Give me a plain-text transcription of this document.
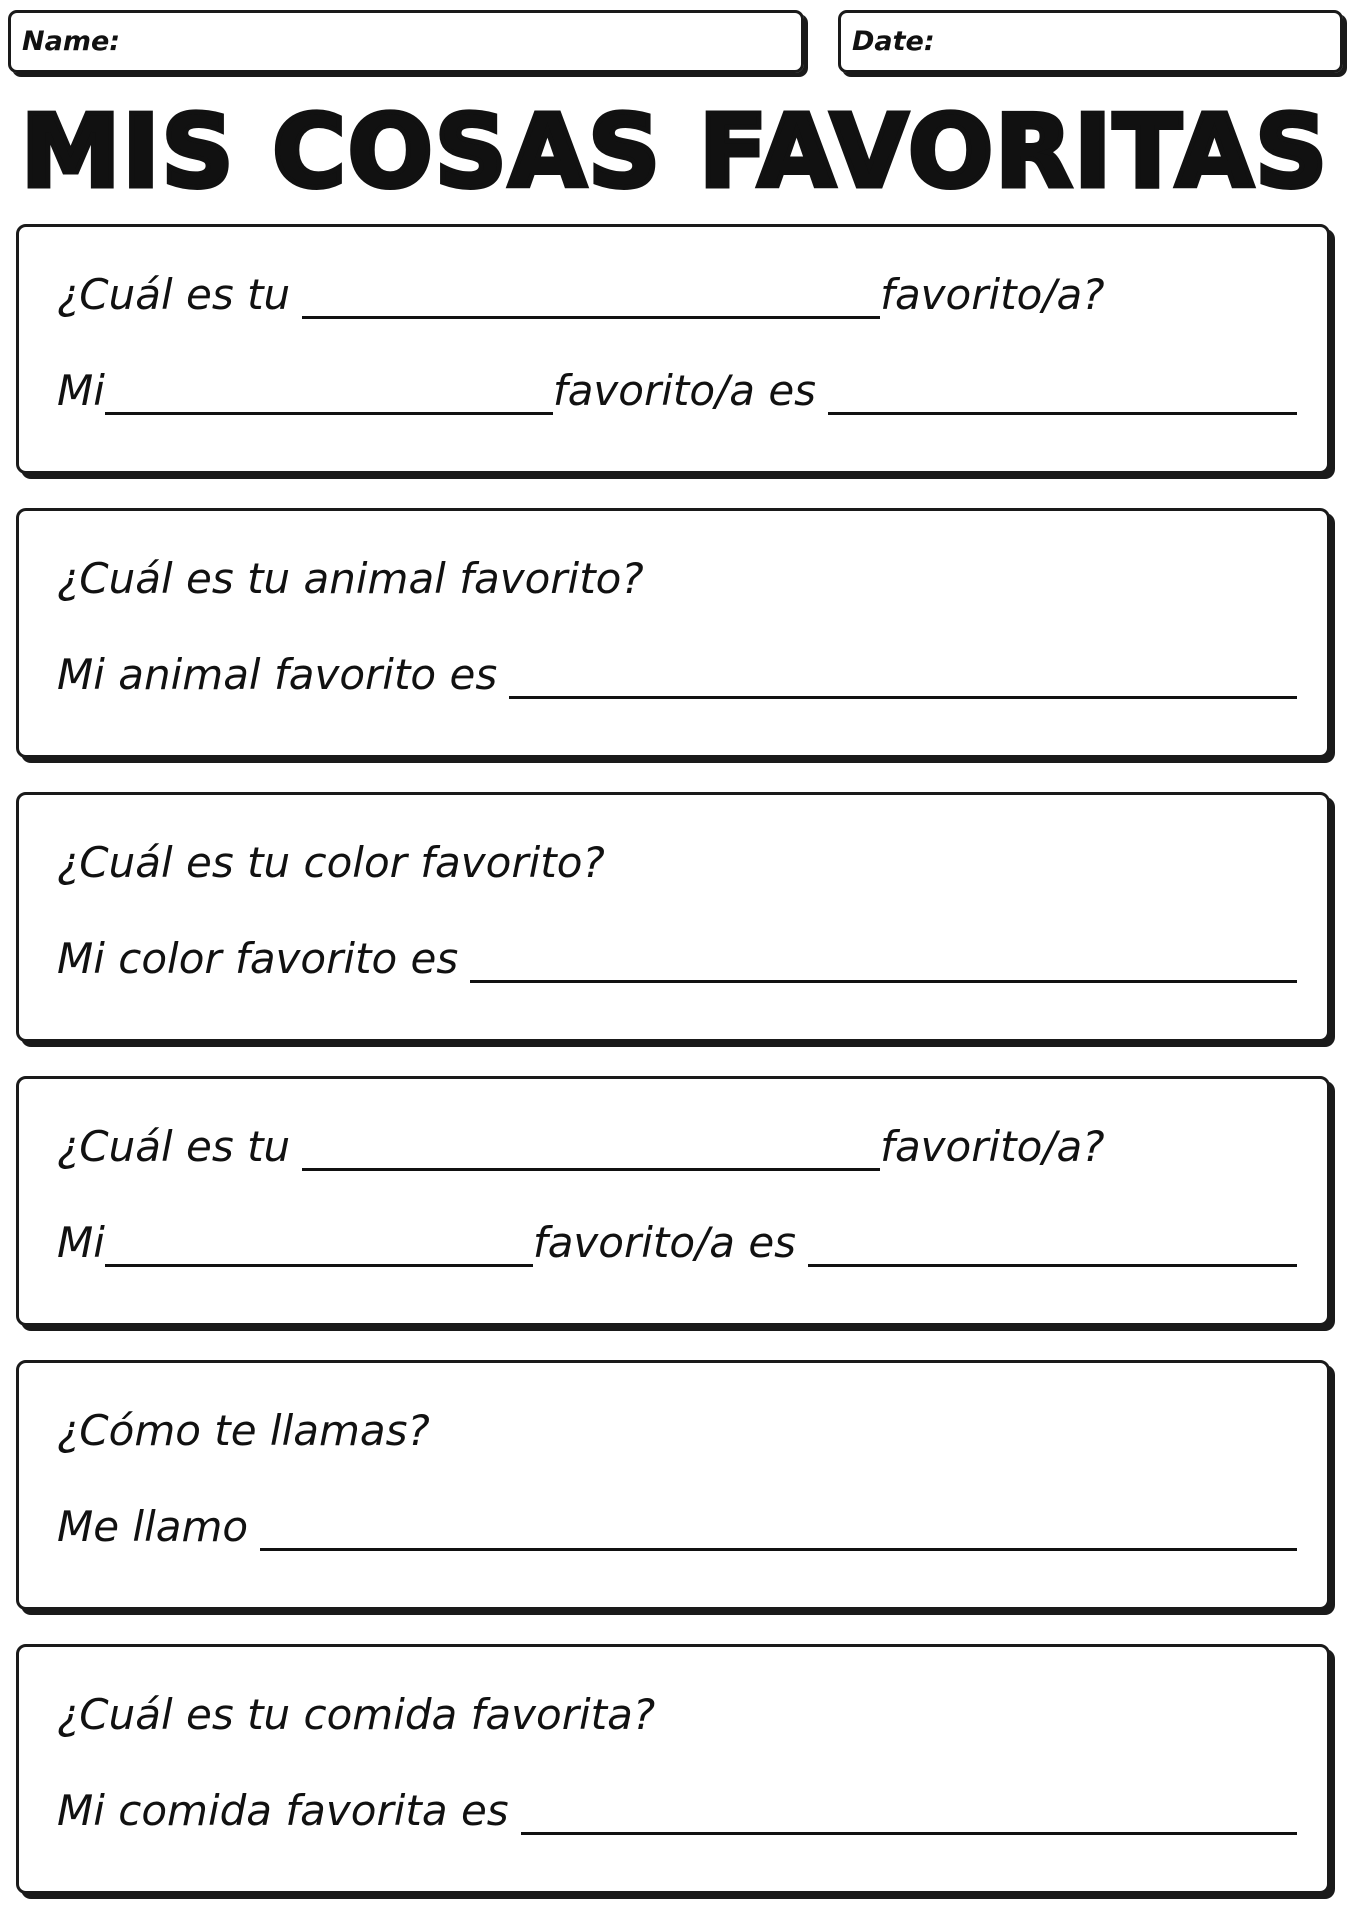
Name:	Date:
MIS COSAS FAVORITAS
¿Cuál es tu	favorito/a?
Mi	favorito/a es
¿Cuál es tu animal favorito?
Mi animal favorito es
¿Cuál es tu color favorito?
Mi color favorito es
¿Cuál es tu	favorito/a?
Mi	favorito/a es
¿Cómo te llamas?
Me llamo
¿Cuál es tu comida favorita?
Mi comida favorita es
